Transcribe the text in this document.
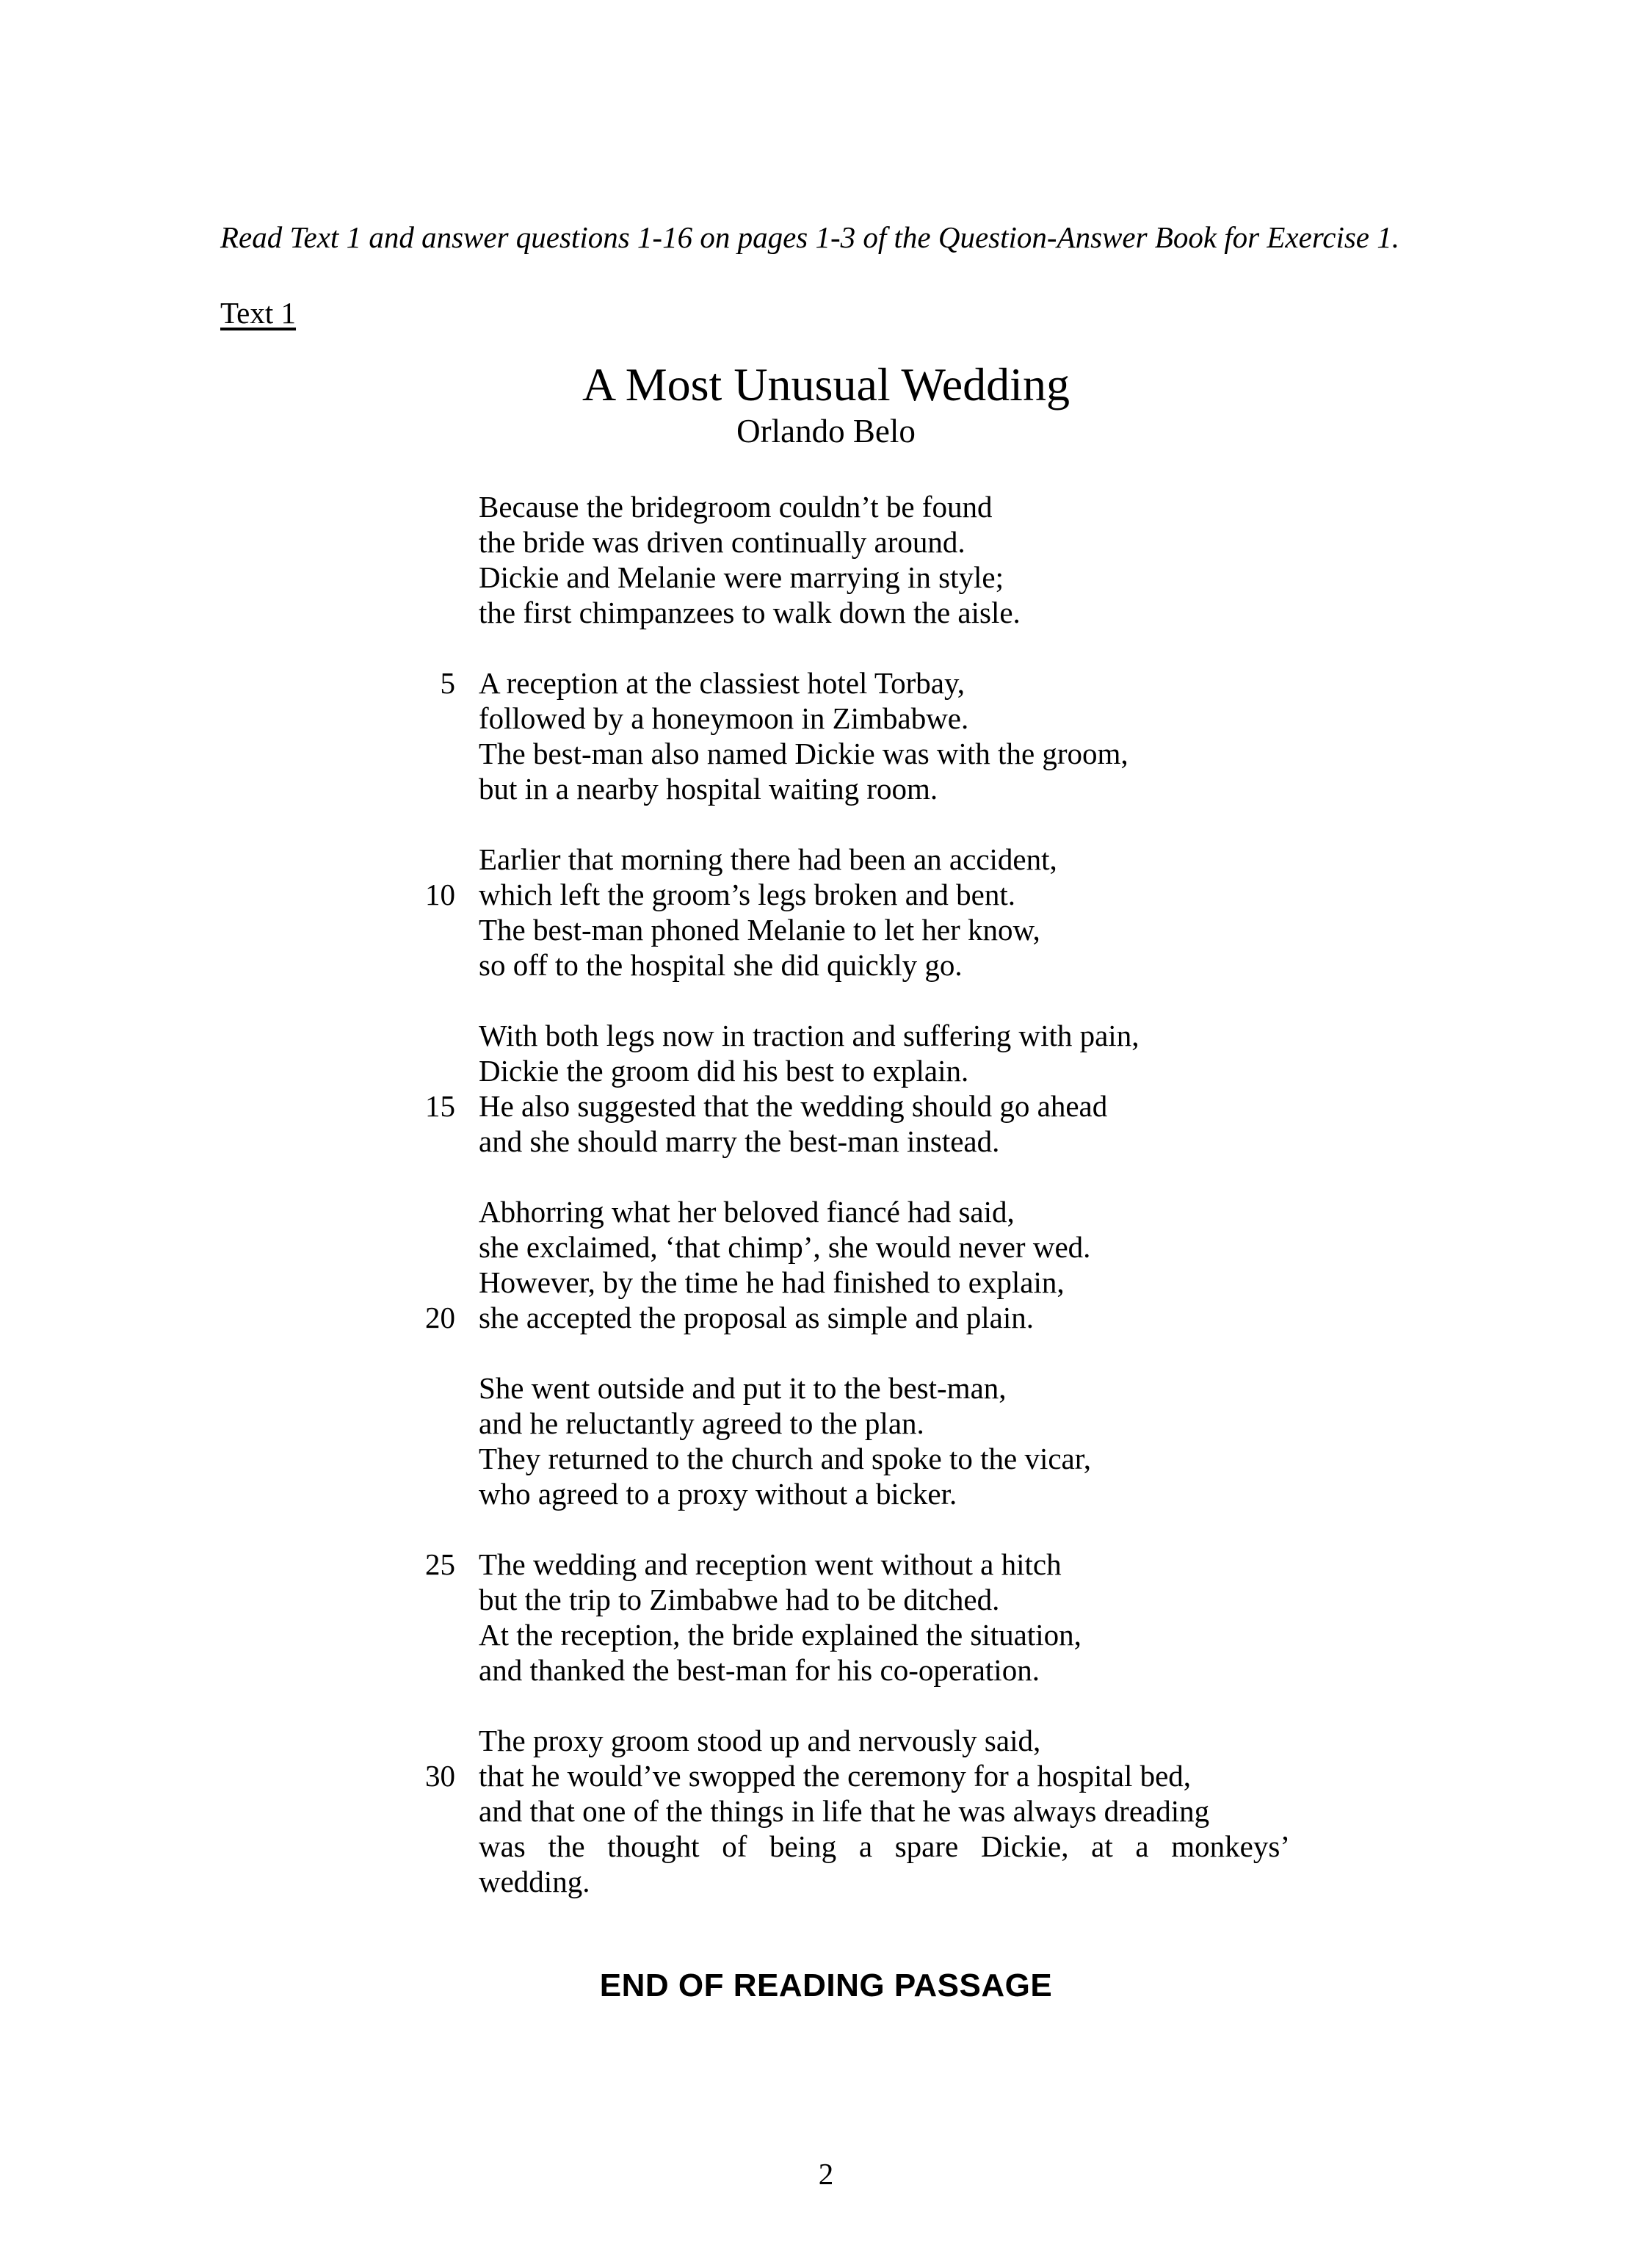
Read Text 1 and answer questions 1-16 on pages 1-3 of the Question-Answer Book for Exercise 1.
Text 1
A Most Unusual Wedding
Orlando Belo
Because the bridegroom couldn’t be found
the bride was driven continually around.
Dickie and Melanie were marrying in style;
the first chimpanzees to walk down the aisle.
5 A reception at the classiest hotel Torbay,
followed by a honeymoon in Zimbabwe.
The best-man also named Dickie was with the groom,
but in a nearby hospital waiting room.
Earlier that morning there had been an accident,
10 which left the groom’s legs broken and bent.
The best-man phoned Melanie to let her know,
so off to the hospital she did quickly go.
With both legs now in traction and suffering with pain,
Dickie the groom did his best to explain.
15 He also suggested that the wedding should go ahead
and she should marry the best-man instead.
Abhorring what her beloved fiancé had said,
she exclaimed, ‘that chimp’, she would never wed.
However, by the time he had finished to explain,
20 she accepted the proposal as simple and plain.
She went outside and put it to the best-man,
and he reluctantly agreed to the plan.
They returned to the church and spoke to the vicar,
who agreed to a proxy without a bicker.
25 The wedding and reception went without a hitch
but the trip to Zimbabwe had to be ditched.
At the reception, the bride explained the situation,
and thanked the best-man for his co-operation.
The proxy groom stood up and nervously said,
30 that he would’ve swopped the ceremony for a hospital bed,
and that one of the things in life that he was always dreading
was the thought of being a spare Dickie, at a monkeys’
wedding.
END OF READING PASSAGE
2
